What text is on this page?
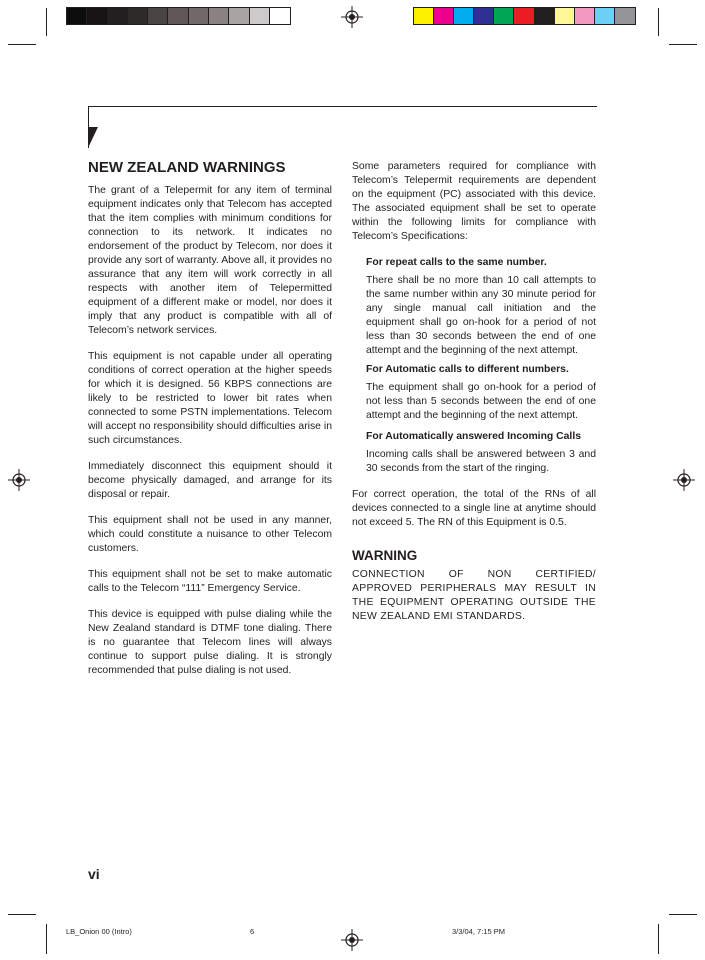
NEW ZEALAND WARNINGS

The grant of a Telepermit for any item of terminal equipment indicates only that Telecom has accepted that the item complies with minimum conditions for connection to its network. It indicates no endorsement of the product by Telecom, nor does it provide any sort of warranty. Above all, it provides no assurance that any item will work correctly in all respects with another item of Telepermitted equipment of a different make or model, nor does it imply that any product is compatible with all of Telecom’s network services.

This equipment is not capable under all operating conditions of correct operation at the higher speeds for which it is designed. 56 KBPS connections are likely to be restricted to lower bit rates when connected to some PSTN implementations. Telecom will accept no responsibility should difficulties arise in such circumstances.

Immediately disconnect this equipment should it become physically damaged, and arrange for its disposal or repair.

This equipment shall not be used in any manner, which could constitute a nuisance to other Telecom customers.

This equipment shall not be set to make automatic calls to the Telecom “111” Emergency Service.

This device is equipped with pulse dialing while the New Zealand standard is DTMF tone dialing. There is no guarantee that Telecom lines will always continue to support pulse dialing. It is strongly recommended that pulse dialing is not used.

Some parameters required for compliance with Telecom’s Telepermit requirements are dependent on the equipment (PC) associated with this device. The associated equipment shall be set to operate within the following limits for compliance with Telecom’s Specifications:

For repeat calls to the same number.

There shall be no more than 10 call attempts to the same number within any 30 minute period for any single manual call initiation and the equipment shall go on-hook for a period of not less than 30 seconds between the end of one attempt and the beginning of the next attempt.

For Automatic calls to different numbers.

The equipment shall go on-hook for a period of not less than 5 seconds between the end of one attempt and the beginning of the next attempt.

For Automatically answered Incoming Calls

Incoming calls shall be answered between 3 and 30 seconds from the start of the ringing.

For correct operation, the total of the RNs of all devices connected to a single line at anytime should not exceed 5. The RN of this Equipment is 0.5.

WARNING

CONNECTION OF NON CERTIFIED/ APPROVED PERIPHERALS MAY RESULT IN THE EQUIPMENT OPERATING OUTSIDE THE NEW ZEALAND EMI STANDARDS.

vi
LB_Onion 00 (Intro)	6	3/3/04, 7:15 PM
